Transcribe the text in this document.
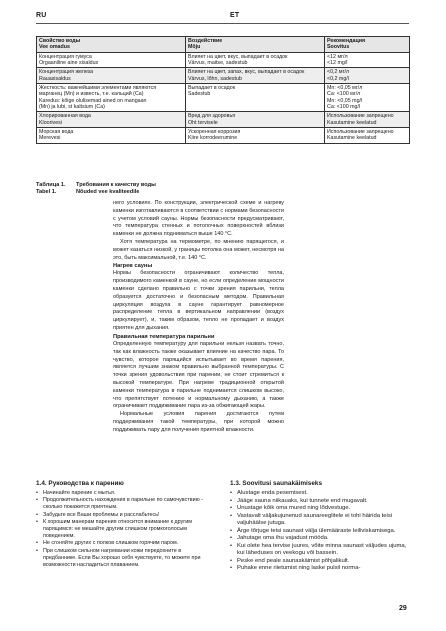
RU	ET
Свойство воды
Vee omadus	Воздействие
Mõju	Рекомендация
Soovitus

Концентрация гумуса
Orgaaniline aine sisaldus	Влияет на цвет, вкус, выпадает в осадок
Värvus, maitse, sadestub	<12 мг/л
<12 mg/l

Концентрация железа
Rauasisaldus	Влияет на цвет, запах, вкус, выпадает в осадок
Värvus, lõhn, sadestub	<0,2 мг/л
<0,2 mg/l

Жесткость: важнейшими элементами являются
марганец (Mn) и известь, т.е. кальций (Ca)
Karedus: kõige olulisemad ained on mangaan
(Mn) ja lubi, st kaltsium (Ca)	Выпадает в осадок
Sadestub	Mn: <0,05 мг/л
Ca: <100 мг/л
Mn: <0,05 mg/l
Ca: <100 mg/l

Хлорированная вода
Kloorivesi	Вред для здоровья
Oht tervisele	Использование запрещено
Kasutamine keelatud

Морская вода
Merevesi	Ускоренная коррозия
Kiire korrodeerumine	Использование запрещено
Kasutamine keelatud
Таблица 1.	Требования к качеству воды
Tabel 1.	Nõuded vee kvaliteedile

него условиях. По конструкции, электрической схеме и нагреву каменки изготавливаются в соответствии с нормами безопасности с учетом условий сауны. Нормы безопасности предусматривают, что температура стенных и потолочных поверхностей вблизи каменки не должна подниматься выше 140 °С.

Хотя температура на термометре, по мнению парящегося, и может казаться низкой, у границы потолка она может, несмотря на это, быть максимальной, т.е. 140 °С.

Нагрев сауны

Нормы безопасности ограничивают количество тепла, производимого каменкой в сауне, но если определение мощности каменки сделано правильно с точки зрения парильни, тепла образуется достаточно и безопасным методом. Правильная циркуляция воздуха в сауне гарантирует равномерное распределение тепла в вертикальном направлении (воздух циркулирует), и, таким образом, тепло не пропадает и воздух приятен для дыхания.

Правильная температура парильни

Определенную температуру для парильни нельзя назвать точно, так как влажность также оказывает влияние на качество пара. То чувство, которое парящийся испытывает во время парения, является лучшим знаком правильно выбранной температуры. С точки зрения удовольствия при парении, не стоит стремиться к высокой температуре. При нагреве традиционной открытой каменки температура в парильне поднимается слишком высоко, что препятствует потению и нормальному дыханию, а также ограничивает поддиживание пара из-за обжигающей жары.

Нормальные условия парения достигаются путем поддерживания такой температуры, при которой можно поддиживать пару для получения приятной влажности.

1.4. Руководства к парению
• Начинайте парение с мытья.
• Продолжительность нахождения в парильне по самочувствию - сколько покажется приятным.
• Забудьте все Ваши проблемы и расслабьтесь!
• К хорошим манерам парения относится внимание к другим парящимся: не мешайте другим слишком громкоголосым поведением.
• Не сгоняйте других с полков слишком горячим паром.
• При слишком сильном нагревании кожи передохните в предбаннике. Если Вы хорошо себя чувствуете, то можете при возможности насладиться плаванием.
1.3. Soovitusi saunakäimiseks
• Alustage enda pesemisest.
• Jääge sauna niikauaks, kui tunnete end mugavalt.
• Unustage kõik oma mured ning lõdvestuge.
• Vastavalt väljakujunenud saunareeglitele ei tohi häirida teisi valjuhäälse jutuga.
• Ärge tõrjuge teisi saunast välja ülemääraste leiliviskamisega.
• Jahutage oma ihu vajadust mööda.
• Kui olete hea tervise juures, võite minna saunast väljudes ujuma, kui läheduses on veekogu või bassein.
• Peske end peale saunaskäimist põhjalikult.
• Puhake enne riietumist ning laske pulsil norma-
29
